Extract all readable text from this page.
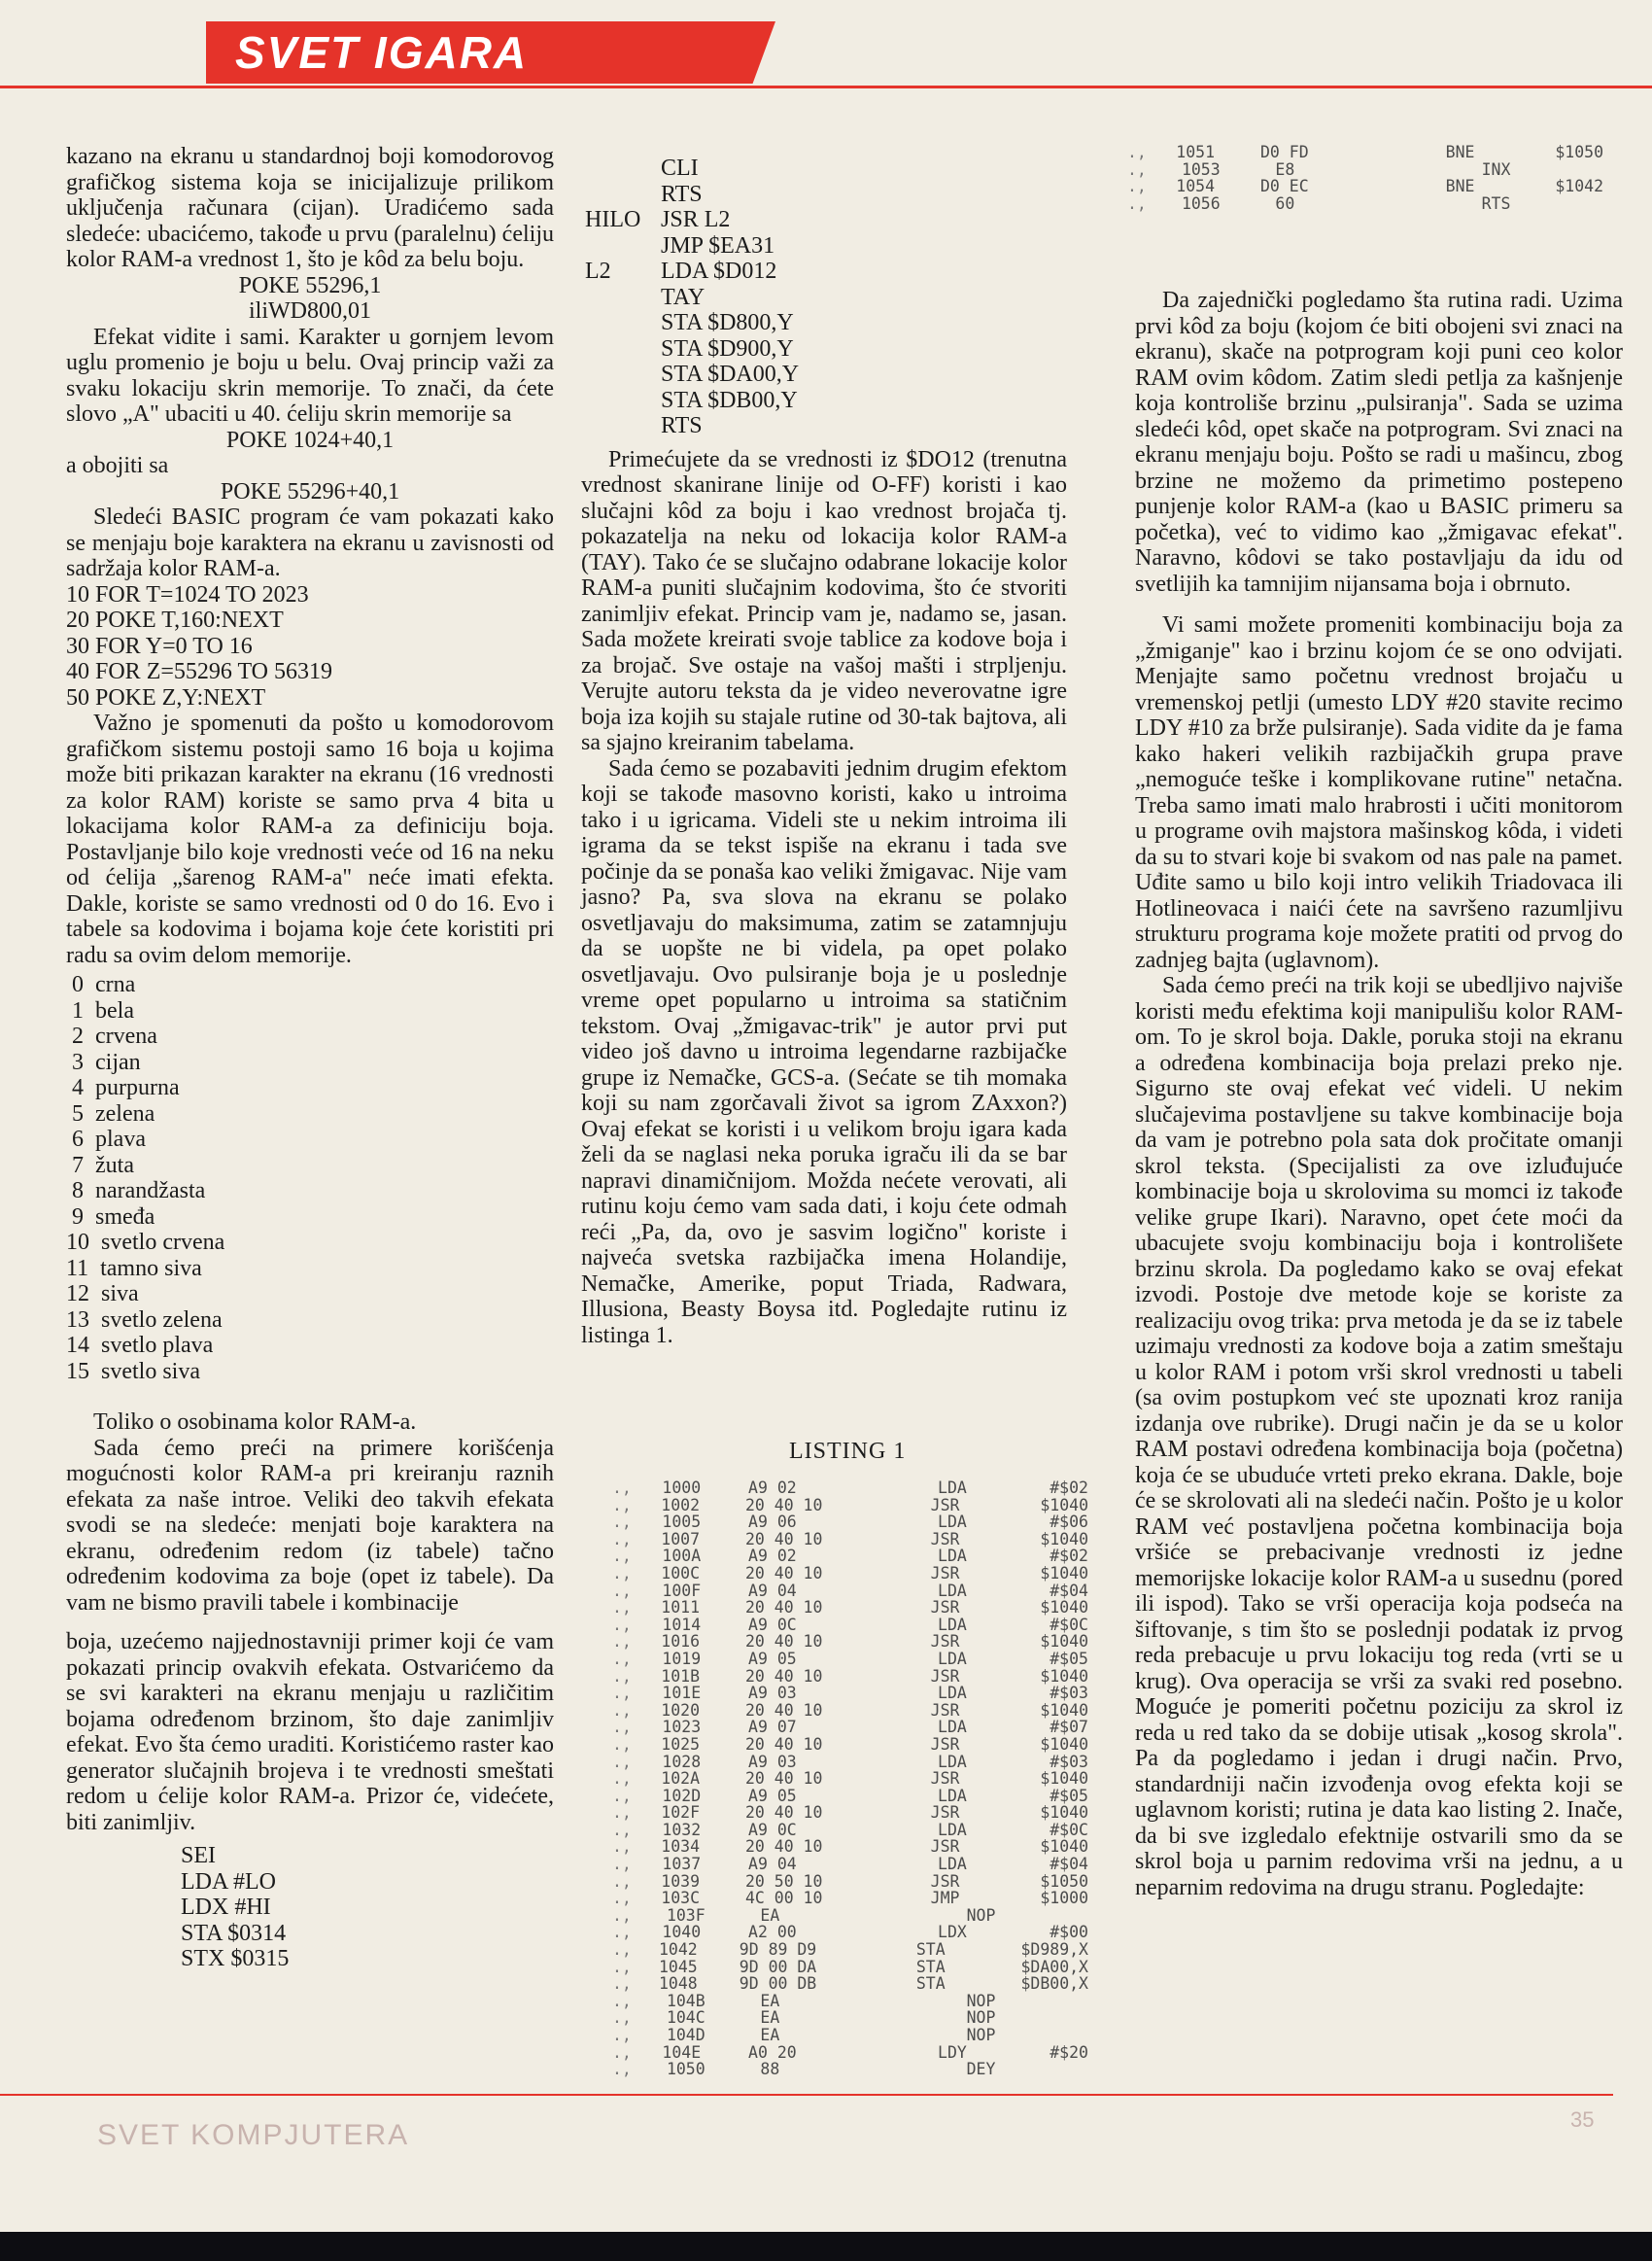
SVET IGARA

kazano na ekranu u standardnoj boji komodorovog grafičkog sistema koja se inicijalizuje prilikom uključenja računara (cijan). Uradićemo sada sledeće: ubacićemo, takođe u prvu (paralelnu) ćeliju kolor RAM-a vrednost 1, što je kôd za belu boju.

POKE 55296,1
iliWD800,01

Efekat vidite i sami. Karakter u gornjem levom uglu promenio je boju u belu. Ovaj princip važi za svaku lokaciju skrin memorije. To znači, da ćete slovo „A" ubaciti u 40. ćeliju skrin memorije sa

POKE 1024+40,1

a obojiti sa

POKE 55296+40,1

Sledeći BASIC program će vam pokazati kako se menjaju boje karaktera na ekranu u zavisnosti od sadržaja kolor RAM-a.

10 FOR T=1024 TO 2023
20 POKE T,160:NEXT
30 FOR Y=0 TO 16
40 FOR Z=55296 TO 56319
50 POKE Z,Y:NEXT

Važno je spomenuti da pošto u komodorovom grafičkom sistemu postoji samo 16 boja u kojima može biti prikazan karakter na ekranu (16 vrednosti za kolor RAM) koriste se samo prva 4 bita u lokacijama kolor RAM-a za definiciju boja. Postavljanje bilo koje vrednosti veće od 16 na neku od ćelija „šarenog RAM-a" neće imati efekta. Dakle, koriste se samo vrednosti od 0 do 16. Evo i tabele sa kodovima i bojama koje ćete koristiti pri radu sa ovim delom memorije.

0  crna
1  bela
2  crvena
3  cijan
4  purpurna
5  zelena
6  plava
7  žuta
8  narandžasta
9  smeđa
10  svetlo crvena
11  tamno siva
12  siva
13  svetlo zelena
14  svetlo plava
15  svetlo siva

Toliko o osobinama kolor RAM-a.

Sada ćemo preći na primere korišćenja mogućnosti kolor RAM-a pri kreiranju raznih efekata za naše introe. Veliki deo takvih efekata svodi se na sledeće: menjati boje karaktera na ekranu, određenim redom (iz tabele) tačno određenim kodovima za boje (opet iz tabele). Da vam ne bismo pravili tabele i kombinacije

boja, uzećemo najjednostavniji primer koji će vam pokazati princip ovakvih efekata. Ostvarićemo da se svi karakteri na ekranu menjaju u različitim bojama određenom brzinom, što daje zanimljiv efekat. Evo šta ćemo uraditi. Koristićemo raster kao generator slučajnih brojeva i te vrednosti smeštati redom u ćelije kolor RAM-a. Prizor će, videćete, biti zanimljiv.

SEI
LDA #LO
LDX #HI
STA $0314
STX $0315
CLI
RTS
HILO JSR L2
JMP $EA31
L2	LDA $D012
TAY
STA $D800,Y
STA $D900,Y
STA $DA00,Y
STA $DB00,Y
RTS

Primećujete da se vrednosti iz $DO12 (trenutna vrednost skanirane linije od O-FF) koristi i kao slučajni kôd za boju i kao vrednost brojača tj. pokazatelja na neku od lokacija kolor RAM-a (TAY). Tako će se slučajno odabrane lokacije kolor RAM-a puniti slučajnim kodovima, što će stvoriti zanimljiv efekat. Princip vam je, nadamo se, jasan. Sada možete kreirati svoje tablice za kodove boja i za brojač. Sve ostaje na vašoj mašti i strpljenju. Verujte autoru teksta da je video neverovatne igre boja iza kojih su stajale rutine od 30-tak bajtova, ali sa sjajno kreiranim tabelama.

Sada ćemo se pozabaviti jednim drugim efektom koji se takođe masovno koristi, kako u introima tako i u igricama. Videli ste u nekim introima ili igrama da se tekst ispiše na ekranu i tada sve počinje da se ponaša kao veliki žmigavac. Nije vam jasno? Pa, sva slova na ekranu se polako osvetljavaju do maksimuma, zatim se zatamnjuju da se uopšte ne bi videla, pa opet polako osvetljavaju. Ovo pulsiranje boja je u poslednje vreme opet popularno u introima sa statičnim tekstom. Ovaj „žmigavac-trik" je autor prvi put video još davno u introima legendarne razbijačke grupe iz Nemačke, GCS-a. (Sećate se tih momaka koji su nam zgorčavali život sa igrom ZAxxon?) Ovaj efekat se koristi i u velikom broju igara kada želi da se naglasi neka poruka igraču ili da se bar napravi dinamičnijom. Možda nećete verovati, ali rutinu koju ćemo vam sada dati, i koju ćete odmah reći „Pa, da, ovo je sasvim logično" koriste i najveća svetska razbijačka imena Holandije, Nemačke, Amerike, poput Triada, Radwara, Illusiona, Beasty Boysa itd. Pogledajte rutinu iz listinga 1.

LISTING 1
.,	1000	A9 02	LDA	#$02
.,	1002	20 40 10	JSR	$1040
.,	1005	A9 06	LDA	#$06
.,	1007	20 40 10	JSR	$1040
.,	100A	A9 02	LDA	#$02
.,	100C	20 40 10	JSR	$1040
.,	100F	A9 04	LDA	#$04
.,	1011	20 40 10	JSR	$1040
.,	1014	A9 0C	LDA	#$0C
.,	1016	20 40 10	JSR	$1040
.,	1019	A9 05	LDA	#$05
.,	101B	20 40 10	JSR	$1040
.,	101E	A9 03	LDA	#$03
.,	1020	20 40 10	JSR	$1040
.,	1023	A9 07	LDA	#$07
.,	1025	20 40 10	JSR	$1040
.,	1028	A9 03	LDA	#$03
.,	102A	20 40 10	JSR	$1040
.,	102D	A9 05	LDA	#$05
.,	102F	20 40 10	JSR	$1040
.,	1032	A9 0C	LDA	#$0C
.,	1034	20 40 10	JSR	$1040
.,	1037	A9 04	LDA	#$04
.,	1039	20 50 10	JSR	$1050
.,	103C	4C 00 10	JMP	$1000
.,	103F	EA	NOP
.,	1040	A2 00	LDX	#$00
.,	1042	9D 89 D9	STA	$D989,X
.,	1045	9D 00 DA	STA	$DA00,X
.,	1048	9D 00 DB	STA	$DB00,X
.,	104B	EA	NOP
.,	104C	EA	NOP
.,	104D	EA	NOP
.,	104E	A0 20	LDY	#$20
.,	1050	88	DEY
.,	1051	D0 FD	BNE	$1050
.,	1053	E8	INX
.,	1054	D0 EC	BNE	$1042
.,	1056	60	RTS

Da zajednički pogledamo šta rutina radi. Uzima prvi kôd za boju (kojom će biti obojeni svi znaci na ekranu), skače na potprogram koji puni ceo kolor RAM ovim kôdom. Zatim sledi petlja za kašnjenje koja kontroliše brzinu „pulsiranja". Sada se uzima sledeći kôd, opet skače na potprogram. Svi znaci na ekranu menjaju boju. Pošto se radi u mašincu, zbog brzine ne možemo da primetimo postepeno punjenje kolor RAM-a (kao u BASIC primeru sa početka), već to vidimo kao „žmigavac efekat". Naravno, kôdovi se tako postavljaju da idu od svetlijih ka tamnijim nijansama boja i obrnuto.

Vi sami možete promeniti kombinaciju boja za „žmiganje" kao i brzinu kojom će se ono odvijati. Menjajte samo početnu vrednost brojaču u vremenskoj petlji (umesto LDY #20 stavite recimo LDY #10 za brže pulsiranje). Sada vidite da je fama kako hakeri velikih razbijačkih grupa prave „nemoguće teške i komplikovane rutine" netačna. Treba samo imati malo hrabrosti i učiti monitorom u programe ovih majstora mašinskog kôda, i videti da su to stvari koje bi svakom od nas pale na pamet. Uđite samo u bilo koji intro velikih Triadovaca ili Hotlineovaca i naići ćete na savršeno razumljivu strukturu programa koje možete pratiti od prvog do zadnjeg bajta (uglavnom).

Sada ćemo preći na trik koji se ubedljivo najviše koristi među efektima koji manipulišu kolor RAM-om. To je skrol boja. Dakle, poruka stoji na ekranu a određena kombinacija boja prelazi preko nje. Sigurno ste ovaj efekat već videli. U nekim slučajevima postavljene su takve kombinacije boja da vam je potrebno pola sata dok pročitate omanji skrol teksta. (Specijalisti za ove izluđujuće kombinacije boja u skrolovima su momci iz takođe velike grupe Ikari). Naravno, opet ćete moći da ubacujete svoju kombinaciju boja i kontrolišete brzinu skrola. Da pogledamo kako se ovaj efekat izvodi. Postoje dve metode koje se koriste za realizaciju ovog trika: prva metoda je da se iz tabele uzimaju vrednosti za kodove boja a zatim smeštaju u kolor RAM i potom vrši skrol vrednosti u tabeli (sa ovim postupkom već ste upoznati kroz ranija izdanja ove rubrike). Drugi način je da se u kolor RAM postavi određena kombinacija boja (početna) koja će se ubuduće vrteti preko ekrana. Dakle, boje će se skrolovati ali na sledeći način. Pošto je u kolor RAM već postavljena početna kombinacija boja vršiće se prebacivanje vrednosti iz jedne memorijske lokacije kolor RAM-a u susednu (pored ili ispod). Tako se vrši operacija koja podseća na šiftovanje, s tim što se poslednji podatak iz prvog reda prebacuje u prvu lokaciju tog reda (vrti se u krug). Ova operacija se vrši za svaki red posebno. Moguće je pomeriti početnu poziciju za skrol iz reda u red tako da se dobije utisak „kosog skrola". Pa da pogledamo i jedan i drugi način. Prvo, standardniji način izvođenja ovog efekta koji se uglavnom koristi; rutina je data kao listing 2. Inače, da bi sve izgledalo efektnije ostvarili smo da se skrol boja u parnim redovima vrši na jednu, a u neparnim redovima na drugu stranu. Pogledajte:

SVET KOMPJUTERA	35
